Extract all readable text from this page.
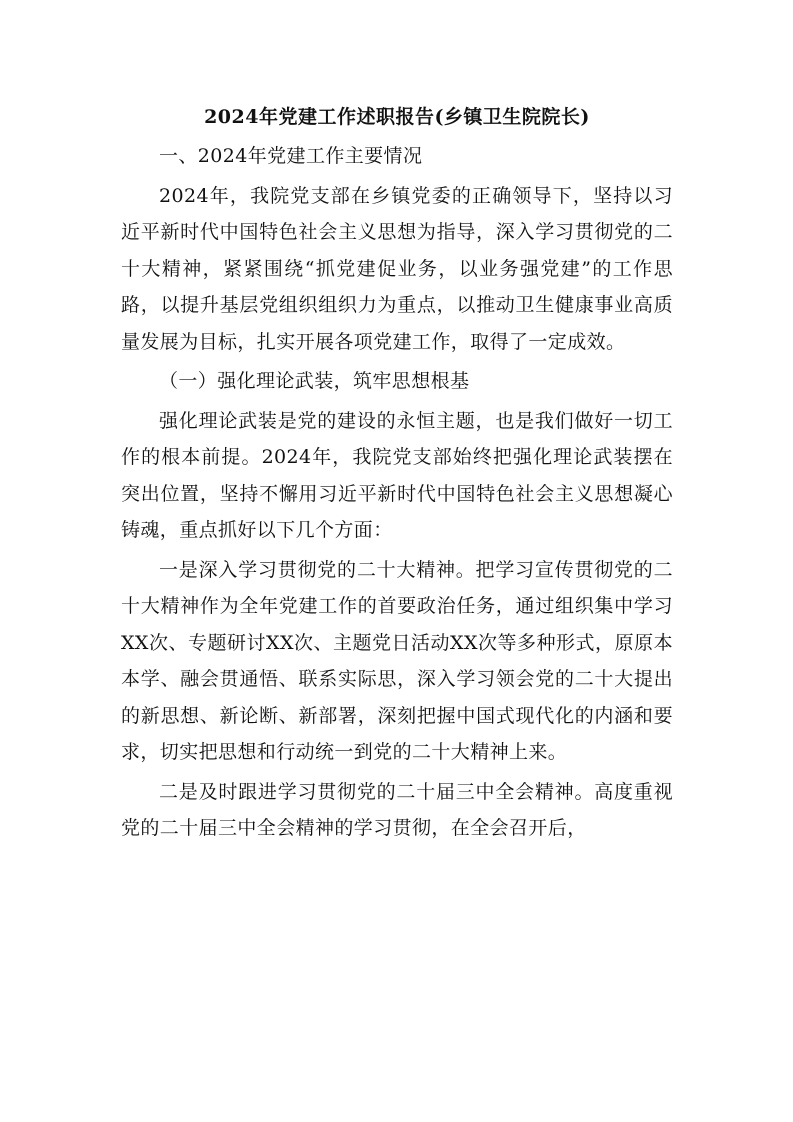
2024年党建工作述职报告(乡镇卫生院院长)

一、2024年党建工作主要情况

2024年，我院党支部在乡镇党委的正确领导下，坚持以习近平新时代中国特色社会主义思想为指导，深入学习贯彻党的二十大精神，紧紧围绕“抓党建促业务，以业务强党建”的工作思路，以提升基层党组织组织力为重点，以推动卫生健康事业高质量发展为目标，扎实开展各项党建工作，取得了一定成效。

（一）强化理论武装，筑牢思想根基

强化理论武装是党的建设的永恒主题，也是我们做好一切工作的根本前提。2024年，我院党支部始终把强化理论武装摆在突出位置，坚持不懈用习近平新时代中国特色社会主义思想凝心铸魂，重点抓好以下几个方面：

一是深入学习贯彻党的二十大精神。把学习宣传贯彻党的二十大精神作为全年党建工作的首要政治任务，通过组织集中学习XX次、专题研讨XX次、主题党日活动XX次等多种形式，原原本本学、融会贯通悟、联系实际思，深入学习领会党的二十大提出的新思想、新论断、新部署，深刻把握中国式现代化的内涵和要求，切实把思想和行动统一到党的二十大精神上来。

二是及时跟进学习贯彻党的二十届三中全会精神。高度重视党的二十届三中全会精神的学习贯彻，在全会召开后，
